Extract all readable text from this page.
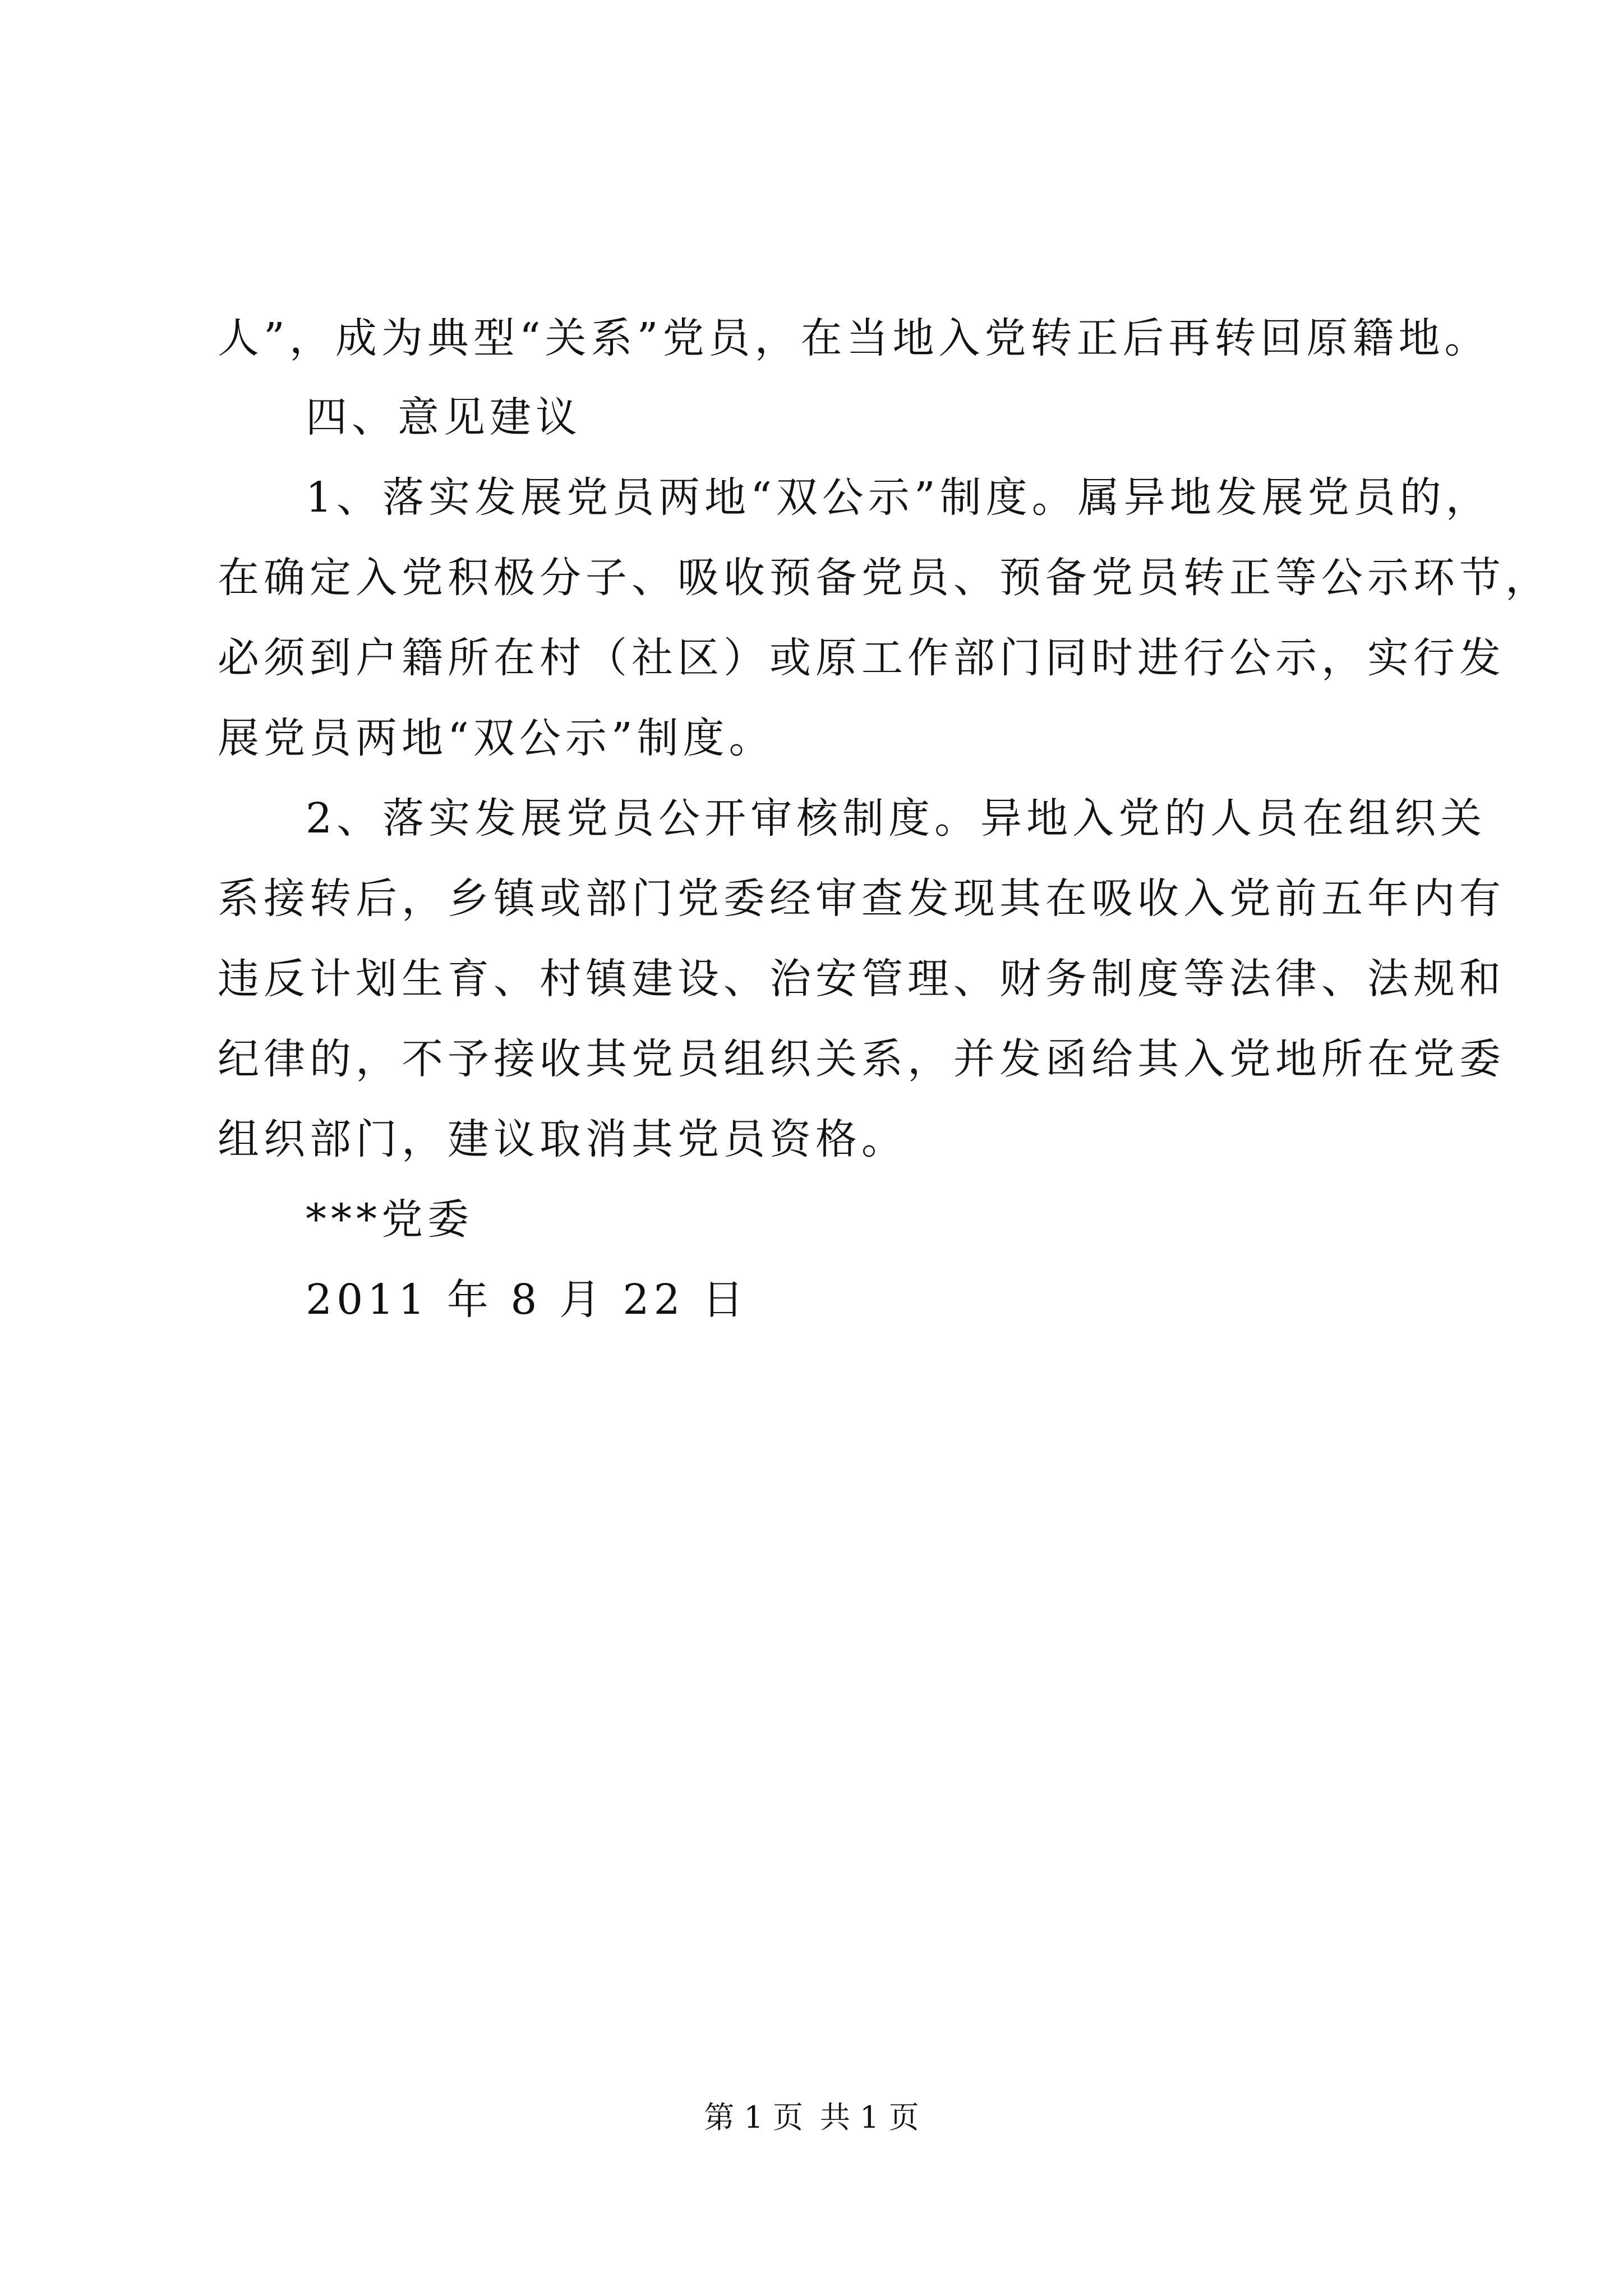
人”，成为典型“关系”党员，在当地入党转正后再转回原籍地。
四、意见建议
1、落实发展党员两地“双公示”制度。属异地发展党员的，
在确定入党积极分子、吸收预备党员、预备党员转正等公示环节，
必须到户籍所在村（社区）或原工作部门同时进行公示，实行发
展党员两地“双公示”制度。
2、落实发展党员公开审核制度。异地入党的人员在组织关
系接转后，乡镇或部门党委经审查发现其在吸收入党前五年内有
违反计划生育、村镇建设、治安管理、财务制度等法律、法规和
纪律的，不予接收其党员组织关系，并发函给其入党地所在党委
组织部门，建议取消其党员资格。
***党委
2011 年 8 月 22 日
第 1 页 共 1 页
